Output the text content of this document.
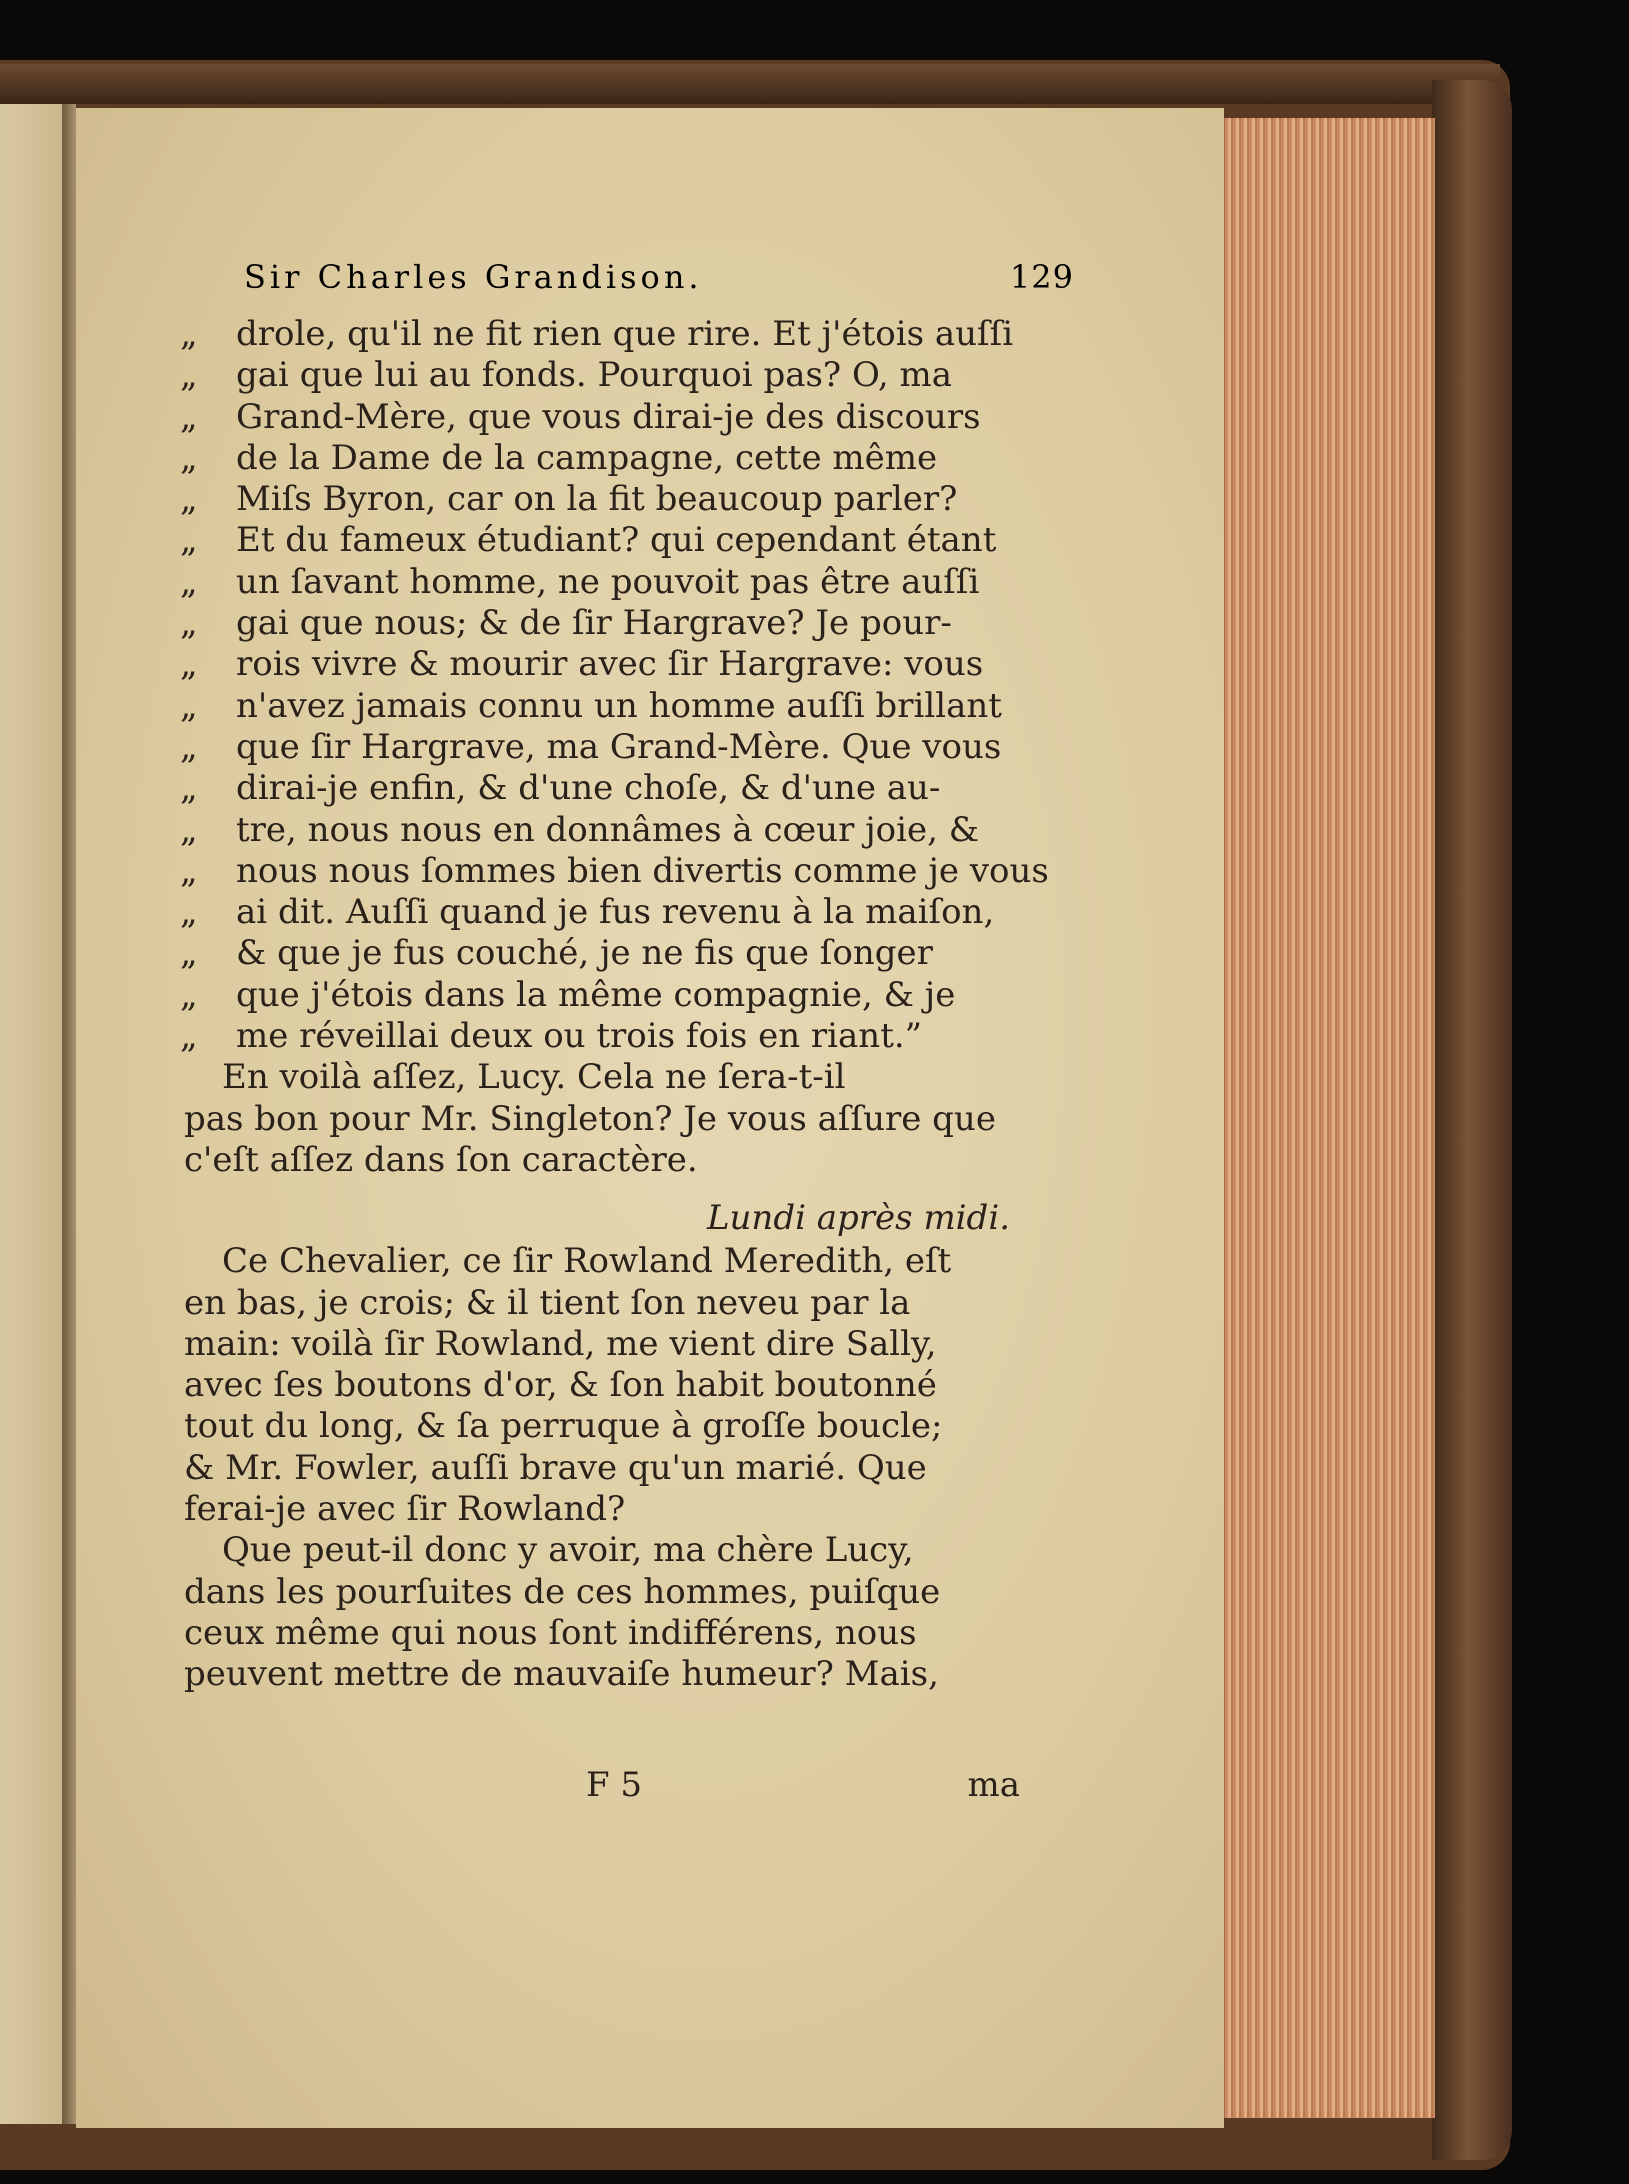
Sir Charles Grandison.	129
„	drole, qu'il ne fit rien que rire. Et j'étois auſſi
„	gai que lui au fonds. Pourquoi pas? O, ma
„	Grand-Mère, que vous dirai-je des discours
„	de la Dame de la campagne, cette même
„	Miſs Byron, car on la fit beaucoup parler?
„	Et du fameux étudiant? qui cependant étant
„	un ſavant homme, ne pouvoit pas être auſſi
„	gai que nous; & de ſir Hargrave? Je pour-
„	rois vivre & mourir avec ſir Hargrave: vous
„	n'avez jamais connu un homme auſſi brillant
„	que ſir Hargrave, ma Grand-Mère. Que vous
„	dirai-je enfin, & d'une choſe, & d'une au-
„	tre, nous nous en donnâmes à cœur joie, &
„	nous nous ſommes bien divertis comme je vous
„	ai dit. Auſſi quand je fus revenu à la maiſon,
„	& que je fus couché, je ne fis que ſonger
„	que j'étois dans la même compagnie, & je
„	me réveillai deux ou trois fois en riant.”
En voilà aſſez, Lucy. Cela ne ſera-t-il
pas bon pour Mr. Singleton? Je vous aſſure que
c'eſt aſſez dans ſon caractère.
Lundi après midi.
Ce Chevalier, ce ſir Rowland Meredith, eſt
en bas, je crois; & il tient ſon neveu par la
main: voilà ſir Rowland, me vient dire Sally,
avec ſes boutons d'or, & ſon habit boutonné
tout du long, & ſa perruque à groſſe boucle;
& Mr. Fowler, auſſi brave qu'un marié. Que
ferai-je avec ſir Rowland?
Que peut-il donc y avoir, ma chère Lucy,
dans les pourſuites de ces hommes, puiſque
ceux même qui nous ſont indifférens, nous
peuvent mettre de mauvaiſe humeur? Mais,
F 5	ma
